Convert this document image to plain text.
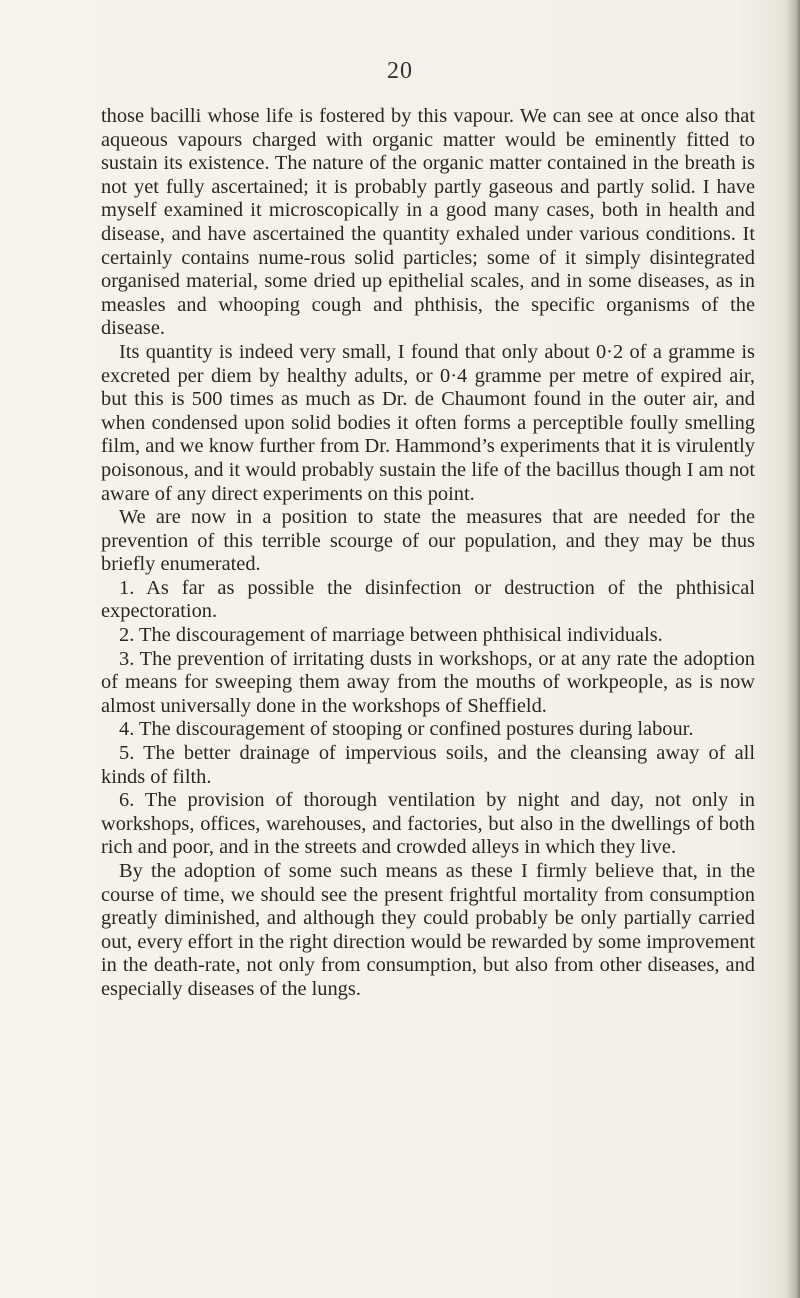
20

those bacilli whose life is fostered by this vapour. We can see at once also that aqueous vapours charged with organic matter would be eminently fitted to sustain its existence. The nature of the organic matter contained in the breath is not yet fully ascertained; it is probably partly gaseous and partly solid. I have myself examined it microscopically in a good many cases, both in health and disease, and have ascertained the quantity exhaled under various conditions. It certainly contains nume-rous solid particles; some of it simply disintegrated organised material, some dried up epithelial scales, and in some diseases, as in measles and whooping cough and phthisis, the specific organisms of the disease.

Its quantity is indeed very small, I found that only about 0·2 of a gramme is excreted per diem by healthy adults, or 0·4 gramme per metre of expired air, but this is 500 times as much as Dr. de Chaumont found in the outer air, and when condensed upon solid bodies it often forms a perceptible foully smelling film, and we know further from Dr. Hammond’s experiments that it is virulently poisonous, and it would probably sustain the life of the bacillus though I am not aware of any direct experiments on this point.

We are now in a position to state the measures that are needed for the prevention of this terrible scourge of our population, and they may be thus briefly enumerated.

1. As far as possible the disinfection or destruction of the phthisical expectoration.

2. The discouragement of marriage between phthisical individuals.

3. The prevention of irritating dusts in workshops, or at any rate the adoption of means for sweeping them away from the mouths of workpeople, as is now almost universally done in the workshops of Sheffield.

4. The discouragement of stooping or confined postures during labour.

5. The better drainage of impervious soils, and the cleansing away of all kinds of filth.

6. The provision of thorough ventilation by night and day, not only in workshops, offices, warehouses, and factories, but also in the dwellings of both rich and poor, and in the streets and crowded alleys in which they live.

By the adoption of some such means as these I firmly believe that, in the course of time, we should see the present frightful mortality from consumption greatly diminished, and although they could probably be only partially carried out, every effort in the right direction would be rewarded by some improvement in the death-rate, not only from consumption, but also from other diseases, and especially diseases of the lungs.
